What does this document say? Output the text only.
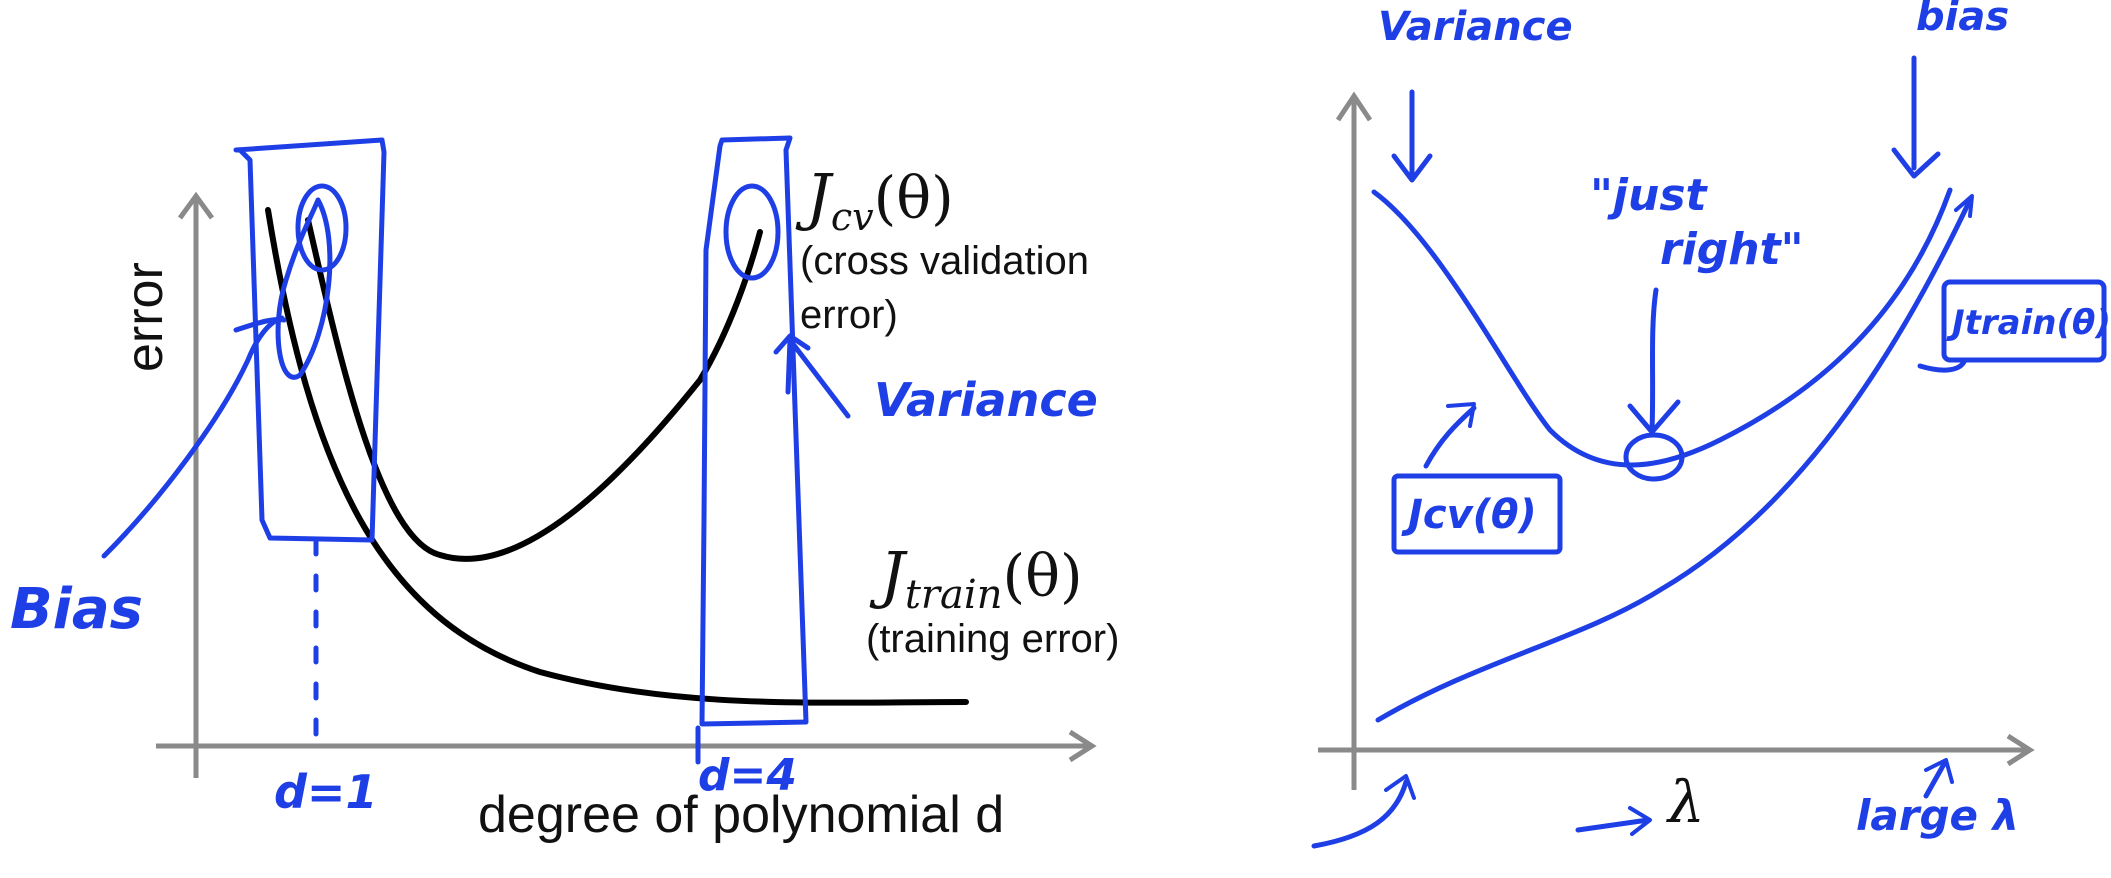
error
degree of polynomial d
Jcv(θ)
(cross validation
error)
Jtrain(θ)
(training error)
d=1
Bias
d=4
Variance
λ
"just
right"
Variance	bias
Jcv(θ)
Jtrain(θ)
large λ
